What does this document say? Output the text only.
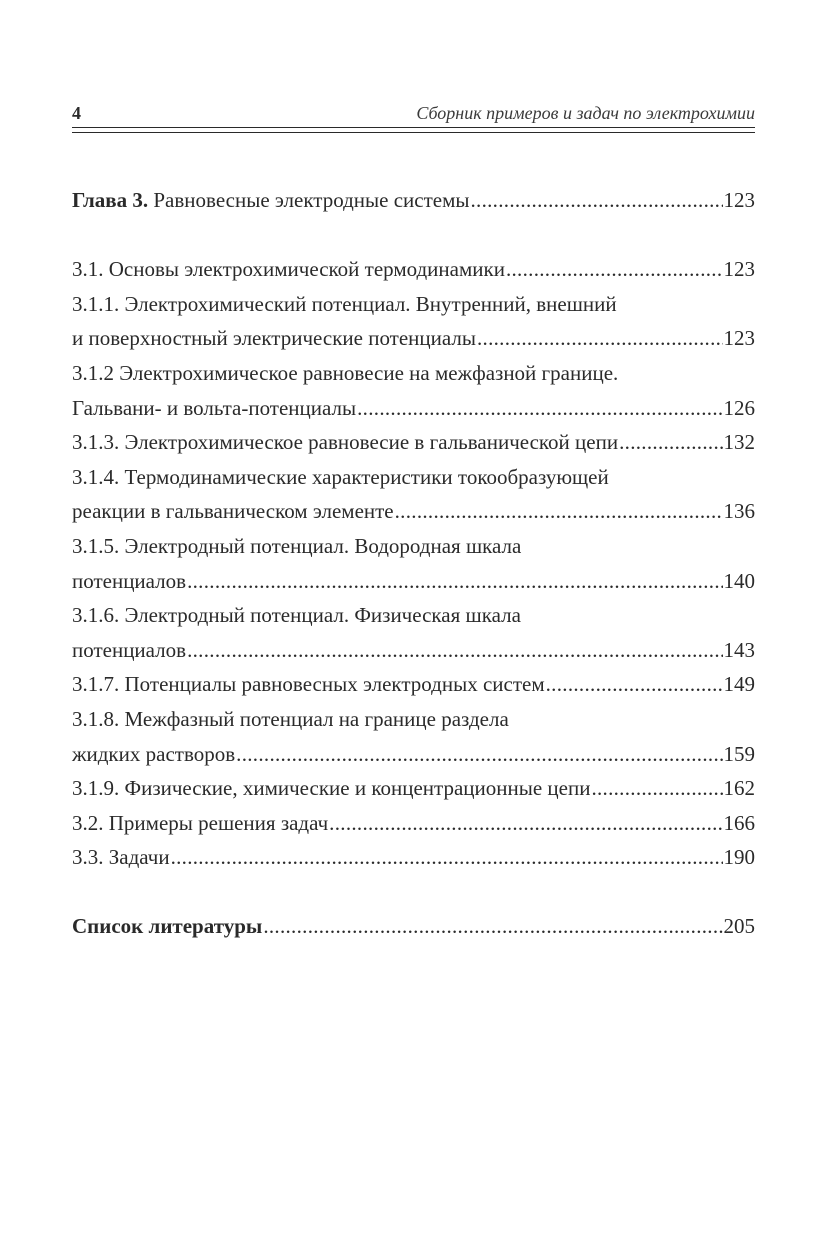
4	Сборник примеров и задач по электрохимии
Глава 3. Равновесные электродные системы .....	123
3.1. Основы электрохимической термодинамики .....	123
3.1.1. Электрохимический потенциал. Внутренний, внешний
и поверхностный электрические потенциалы .....	123
3.1.2 Электрохимическое равновесие на межфазной границе.
Гальвани- и вольта-потенциалы .....	126
3.1.3. Электрохимическое равновесие в гальванической цепи .....	132
3.1.4. Термодинамические характеристики токообразующей
реакции в гальваническом элементе .....	136
3.1.5. Электродный потенциал. Водородная шкала
потенциалов .....	140
3.1.6. Электродный потенциал. Физическая шкала
потенциалов .....	143
3.1.7. Потенциалы равновесных электродных систем .....	149
3.1.8. Межфазный потенциал на границе раздела
жидких растворов .....	159
3.1.9. Физические, химические и концентрационные цепи .....	162
3.2. Примеры решения задач .....	166
3.3. Задачи .....	190
Список литературы .....	205
